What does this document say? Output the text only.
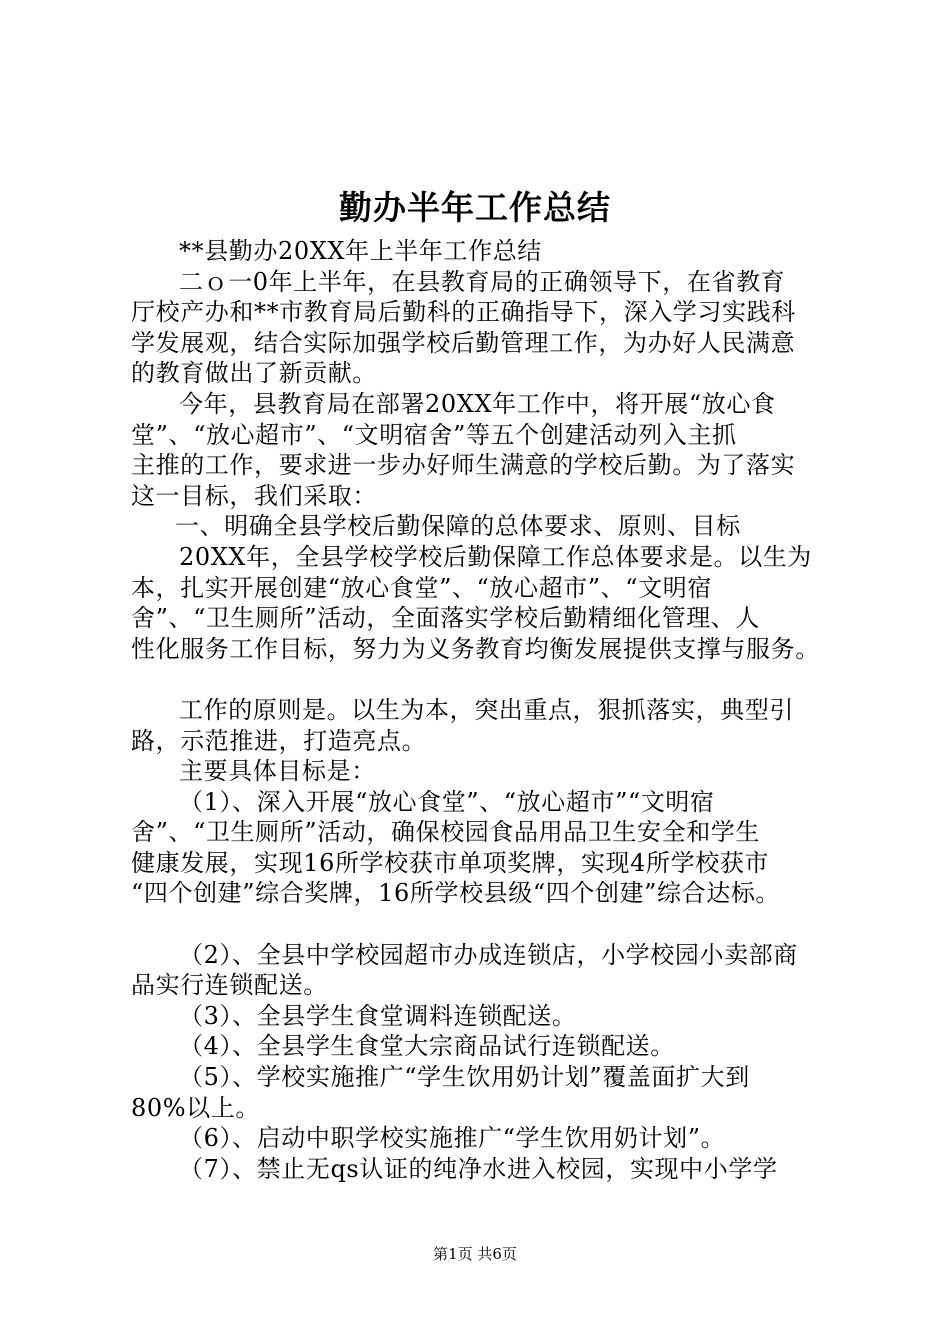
勤办半年工作总结

**县勤办20XX年上半年工作总结

二ｏ一0年上半年，在县教育局的正确领导下，在省教育

厅校产办和**市教育局后勤科的正确指导下，深入学习实践科

学发展观，结合实际加强学校后勤管理工作，为办好人民满意

的教育做出了新贡献。

今年，县教育局在部署20XX年工作中，将开展“放心食

堂”、“放心超市”、“文明宿舍”等五个创建活动列入主抓

主推的工作，要求进一步办好师生满意的学校后勤。为了落实

这一目标，我们采取：

一、明确全县学校后勤保障的总体要求、原则、目标

20XX年，全县学校学校后勤保障工作总体要求是。以生为

本，扎实开展创建“放心食堂”、“放心超市”、“文明宿

舍”、“卫生厕所”活动，全面落实学校后勤精细化管理、人

性化服务工作目标，努力为义务教育均衡发展提供支撑与服务。

工作的原则是。以生为本，突出重点，狠抓落实，典型引

路，示范推进，打造亮点。

主要具体目标是：

（1）、深入开展“放心食堂”、“放心超市”“文明宿

舍”、“卫生厕所”活动，确保校园食品用品卫生安全和学生

健康发展，实现16所学校获市单项奖牌，实现4所学校获市

“四个创建”综合奖牌，16所学校县级“四个创建”综合达标。

（2）、全县中学校园超市办成连锁店，小学校园小卖部商

品实行连锁配送。

（3）、全县学生食堂调料连锁配送。

（4）、全县学生食堂大宗商品试行连锁配送。

（5）、学校实施推广“学生饮用奶计划”覆盖面扩大到

80%以上。

（6）、启动中职学校实施推广“学生饮用奶计划”。

（7）、禁止无qs认证的纯净水进入校园，实现中小学学

第1页 共6页
